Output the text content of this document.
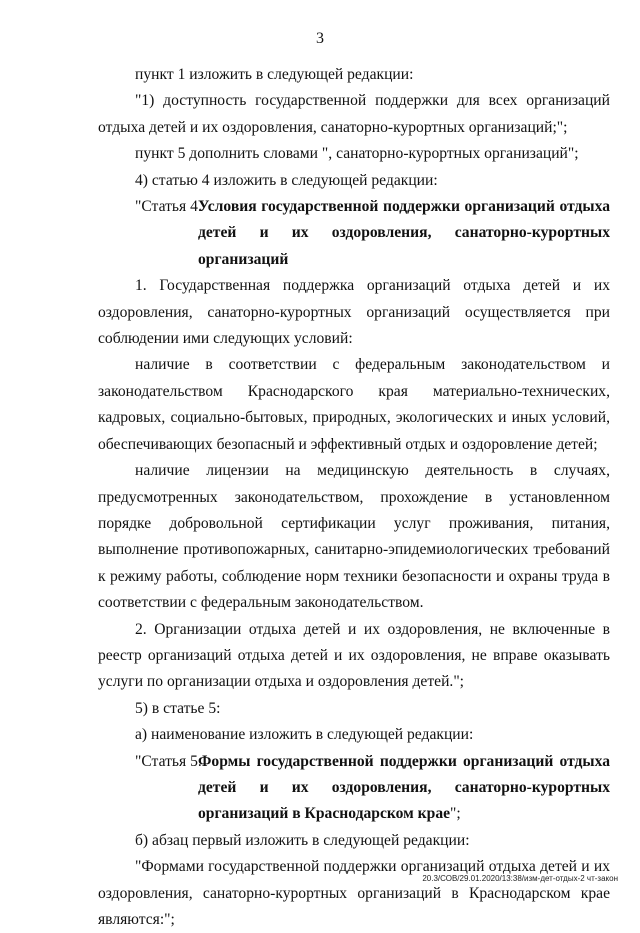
3

пункт 1 изложить в следующей редакции:

"1) доступность государственной поддержки для всех организаций отдыха детей и их оздоровления, санаторно-курортных организаций;";

пункт 5 дополнить словами ", санаторно-курортных организаций";

4) статью 4 изложить в следующей редакции:

"Статья 4.
Условия государственной поддержки организаций отдыха детей и их оздоровления, санаторно-курортных организаций

1. Государственная поддержка организаций отдыха детей и их оздоровления, санаторно-курортных организаций осуществляется при соблюдении ими следующих условий:

наличие в соответствии с федеральным законодательством и законодательством Краснодарского края материально-технических, кадровых, социально-бытовых, природных, экологических и иных условий, обеспечивающих безопасный и эффективный отдых и оздоровление детей;

наличие лицензии на медицинскую деятельность в случаях, предусмотренных законодательством, прохождение в установленном порядке добровольной сертификации услуг проживания, питания, выполнение противопожарных, санитарно-эпидемиологических требований к режиму работы, соблюдение норм техники безопасности и охраны труда в соответствии с федеральным законодательством.

2. Организации отдыха детей и их оздоровления, не включенные в реестр организаций отдыха детей и их оздоровления, не вправе оказывать услуги по организации отдыха и оздоровления детей.";

5) в статье 5:

а) наименование изложить в следующей редакции:

"Статья 5.
Формы государственной поддержки организаций отдыха детей и их оздоровления, санаторно-курортных организаций в Краснодарском крае";

б) абзац первый изложить в следующей редакции:

"Формами государственной поддержки организаций отдыха детей и их оздоровления, санаторно-курортных организаций в Краснодарском крае являются:";

20.3/СОВ/29.01.2020/13:38/изм-дет-отдых-2 чт-закон
